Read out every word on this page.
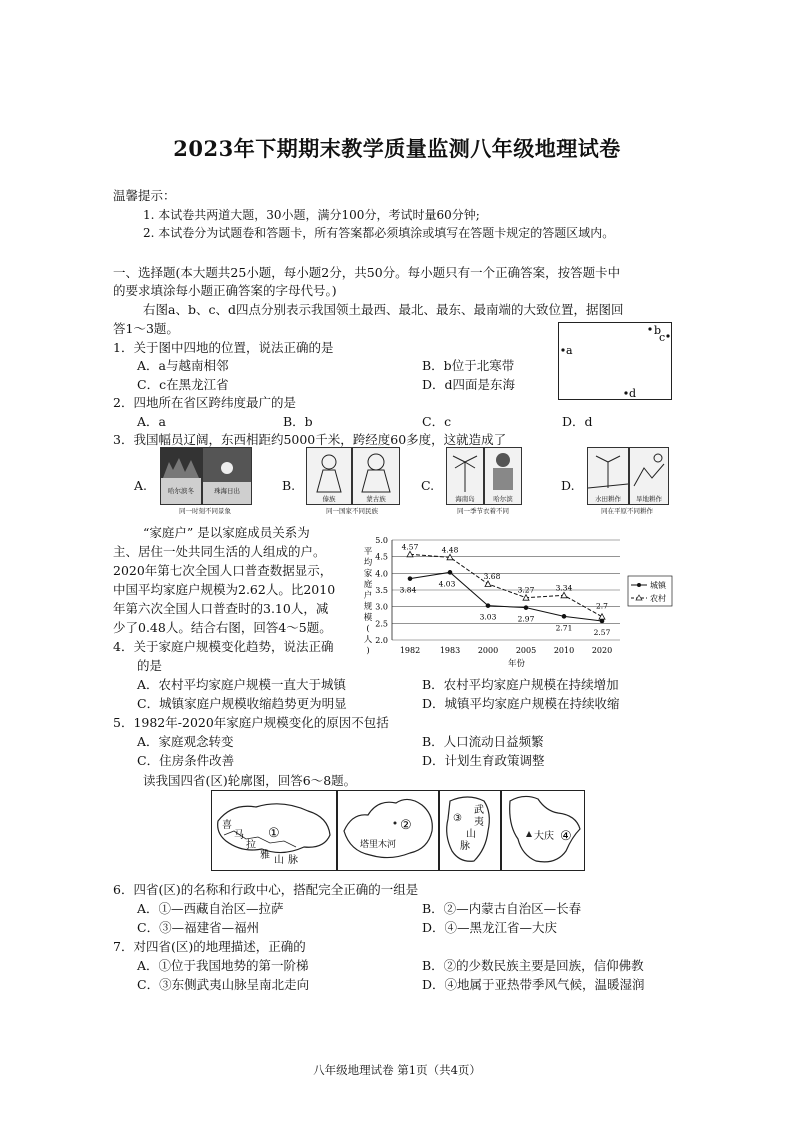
2023年下期期末教学质量监测八年级地理试卷
温馨提示：
1. 本试卷共两道大题，30小题，满分100分，考试时量60分钟;
2. 本试卷分为试题卷和答题卡，所有答案都必须填涂或填写在答题卡规定的答题区域内。
一、选择题(本大题共25小题，每小题2分，共50分。每小题只有一个正确答案，按答题卡中
的要求填涂每小题正确答案的字母代号。)
右图a、b、c、d四点分别表示我国领土最西、最北、最东、最南端的大致位置，据图回
答1～3题。
a
b
c
d
1．关于图中四地的位置，说法正确的是
A．a与越南相邻	B．b位于北寒带
C．c在黑龙江省	D．d四面是东海
2．四地所在省区跨纬度最广的是
A．a	B．b	C．c	D．d
3．我国幅员辽阔，东西相距约5000千米，跨经度60多度，这就造成了
A.	B.	C.	D.
哈尔滨冬	珠海日出
同一时刻不同景象
傣族	蒙古族
同一国家不同民族
海南岛	哈尔滨
同一季节衣着不同
水田耕作	旱地耕作
同在平原不同耕作
“家庭户” 是以家庭成员关系为
主、居住一处共同生活的人组成的户。
2020年第七次全国人口普查数据显示，
中国平均家庭户规模为2.62人。比2010
年第六次全国人口普查时的3.10人，减
少了0.48人。结合右图，回答4～5题。
2.0
2.5
3.0
3.5
4.0
4.5
5.0
1982 1983 2000 2005 2010 2020
平
均
家
庭
户
规
模
(
人
)
3.84
4.03
3.03	2.97
2.71
2.57
4.57	4.48
3.68
3.27	3.34
2.7
城镇
农村
年份
4．关于家庭户规模变化趋势，说法正确
的是
A．农村平均家庭户规模一直大于城镇	B．农村平均家庭户规模在持续增加
C．城镇家庭户规模收缩趋势更为明显	D．城镇平均家庭户规模在持续收缩
5．1982年-2020年家庭户规模变化的原因不包括
A．家庭观念转变	B．人口流动日益频繁
C．住房条件改善	D．计划生育政策调整
读我国四省(区)轮廓图，回答6～8题。
喜
马
拉
雅 山 脉
①
②
塔里木河
③
武
夷
山
脉
大庆 ④
6．四省(区)的名称和行政中心，搭配完全正确的一组是
A．①—西藏自治区—拉萨	B．②—内蒙古自治区—长春
C．③—福建省—福州	D．④—黑龙江省—大庆
7．对四省(区)的地理描述，正确的
A．①位于我国地势的第一阶梯	B．②的少数民族主要是回族，信仰佛教
C．③东侧武夷山脉呈南北走向	D．④地属于亚热带季风气候，温暖湿润
八年级地理试卷 第1页（共4页）
